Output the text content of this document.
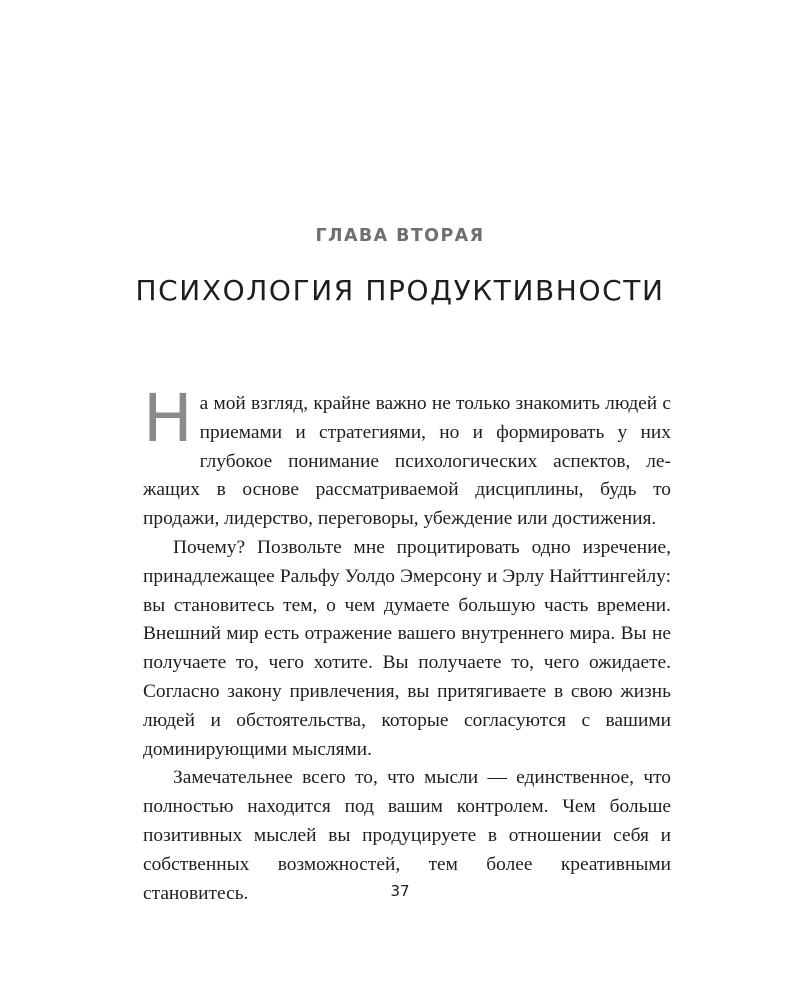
ГЛАВА ВТОРАЯ
ПСИХОЛОГИЯ ПРОДУКТИВНОСТИ

На мой взгляд, крайне важно не только знакомить людей с приемами и стратегиями, но и формировать у них глубокое понимание психологических аспектов, лежащих в основе рассматриваемой дисциплины, будь то продажи, лидерство, переговоры, убеждение или достижения.

Почему? Позвольте мне процитировать одно изречение, принадлежащее Ральфу Уолдо Эмерсону и Эрлу Найттингейлу: вы становитесь тем, о чем думаете большую часть времени. Внешний мир есть отражение вашего внутреннего мира. Вы не получаете то, чего хотите. Вы получаете то, чего ожидаете. Согласно закону привлечения, вы притягиваете в свою жизнь людей и обстоятельства, которые согласуются с вашими доминирующими мыслями.

Замечательнее всего то, что мысли — единственное, что полностью находится под вашим контролем. Чем больше позитивных мыслей вы продуцируете в отношении себя и собственных возможностей, тем более креативными становитесь.	37
